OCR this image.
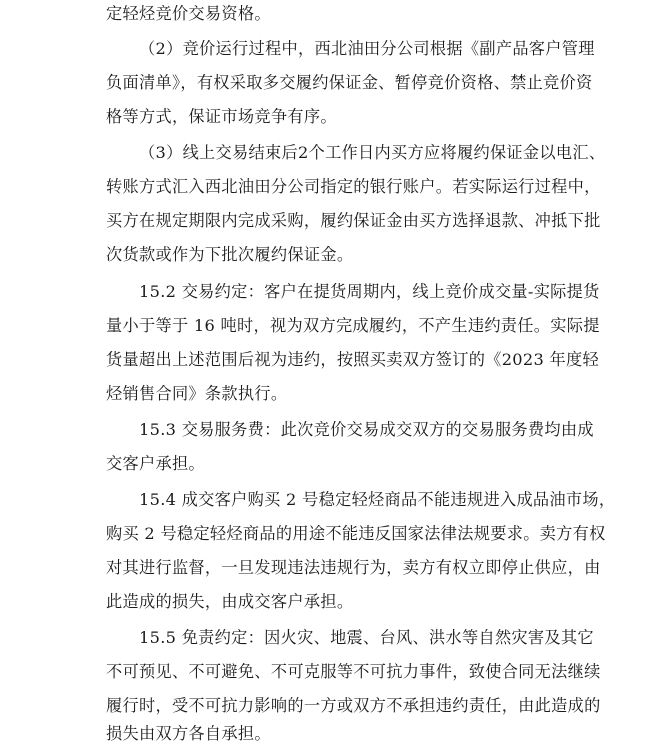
定轻烃竞价交易资格。
（2）竞价运行过程中，西北油田分公司根据《副产品客户管理
负面清单》，有权采取多交履约保证金、暂停竞价资格、禁止竞价资
格等方式，保证市场竞争有序。
（3）线上交易结束后2个工作日内买方应将履约保证金以电汇、
转账方式汇入西北油田分公司指定的银行账户。若实际运行过程中，
买方在规定期限内完成采购，履约保证金由买方选择退款、冲抵下批
次货款或作为下批次履约保证金。
15.2 交易约定：客户在提货周期内，线上竞价成交量-实际提货
量小于等于 16 吨时，视为双方完成履约，不产生违约责任。实际提
货量超出上述范围后视为违约，按照买卖双方签订的《2023 年度轻
烃销售合同》条款执行。
15.3 交易服务费：此次竞价交易成交双方的交易服务费均由成
交客户承担。
15.4 成交客户购买 2 号稳定轻烃商品不能违规进入成品油市场，
购买 2 号稳定轻烃商品的用途不能违反国家法律法规要求。卖方有权
对其进行监督，一旦发现违法违规行为，卖方有权立即停止供应，由
此造成的损失，由成交客户承担。
15.5 免责约定：因火灾、地震、台风、洪水等自然灾害及其它
不可预见、不可避免、不可克服等不可抗力事件，致使合同无法继续
履行时，受不可抗力影响的一方或双方不承担违约责任，由此造成的
损失由双方各自承担。
